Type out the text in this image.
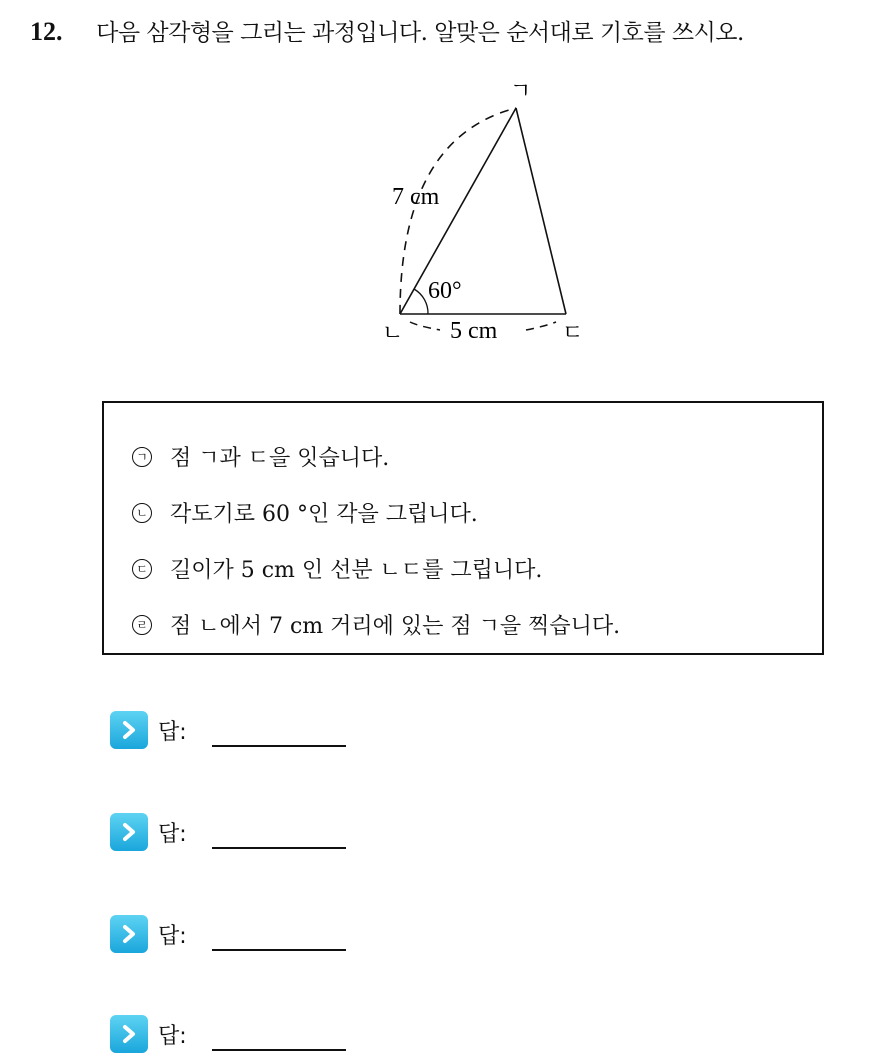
12. 다음 삼각형을 그리는 과정입니다. 알맞은 순서대로 기호를 쓰시오.
ㄱ
ㄴ	ㄷ
7 cm
5 cm
60°
ㄱ 점 ㄱ과 ㄷ을 잇습니다.
ㄴ 각도기로 60 °인 각을 그립니다.
ㄷ 길이가 5 cm 인 선분 ㄴㄷ를 그립니다.
ㄹ 점 ㄴ에서 7 cm 거리에 있는 점 ㄱ을 찍습니다.
답:
답:
답:
답:
